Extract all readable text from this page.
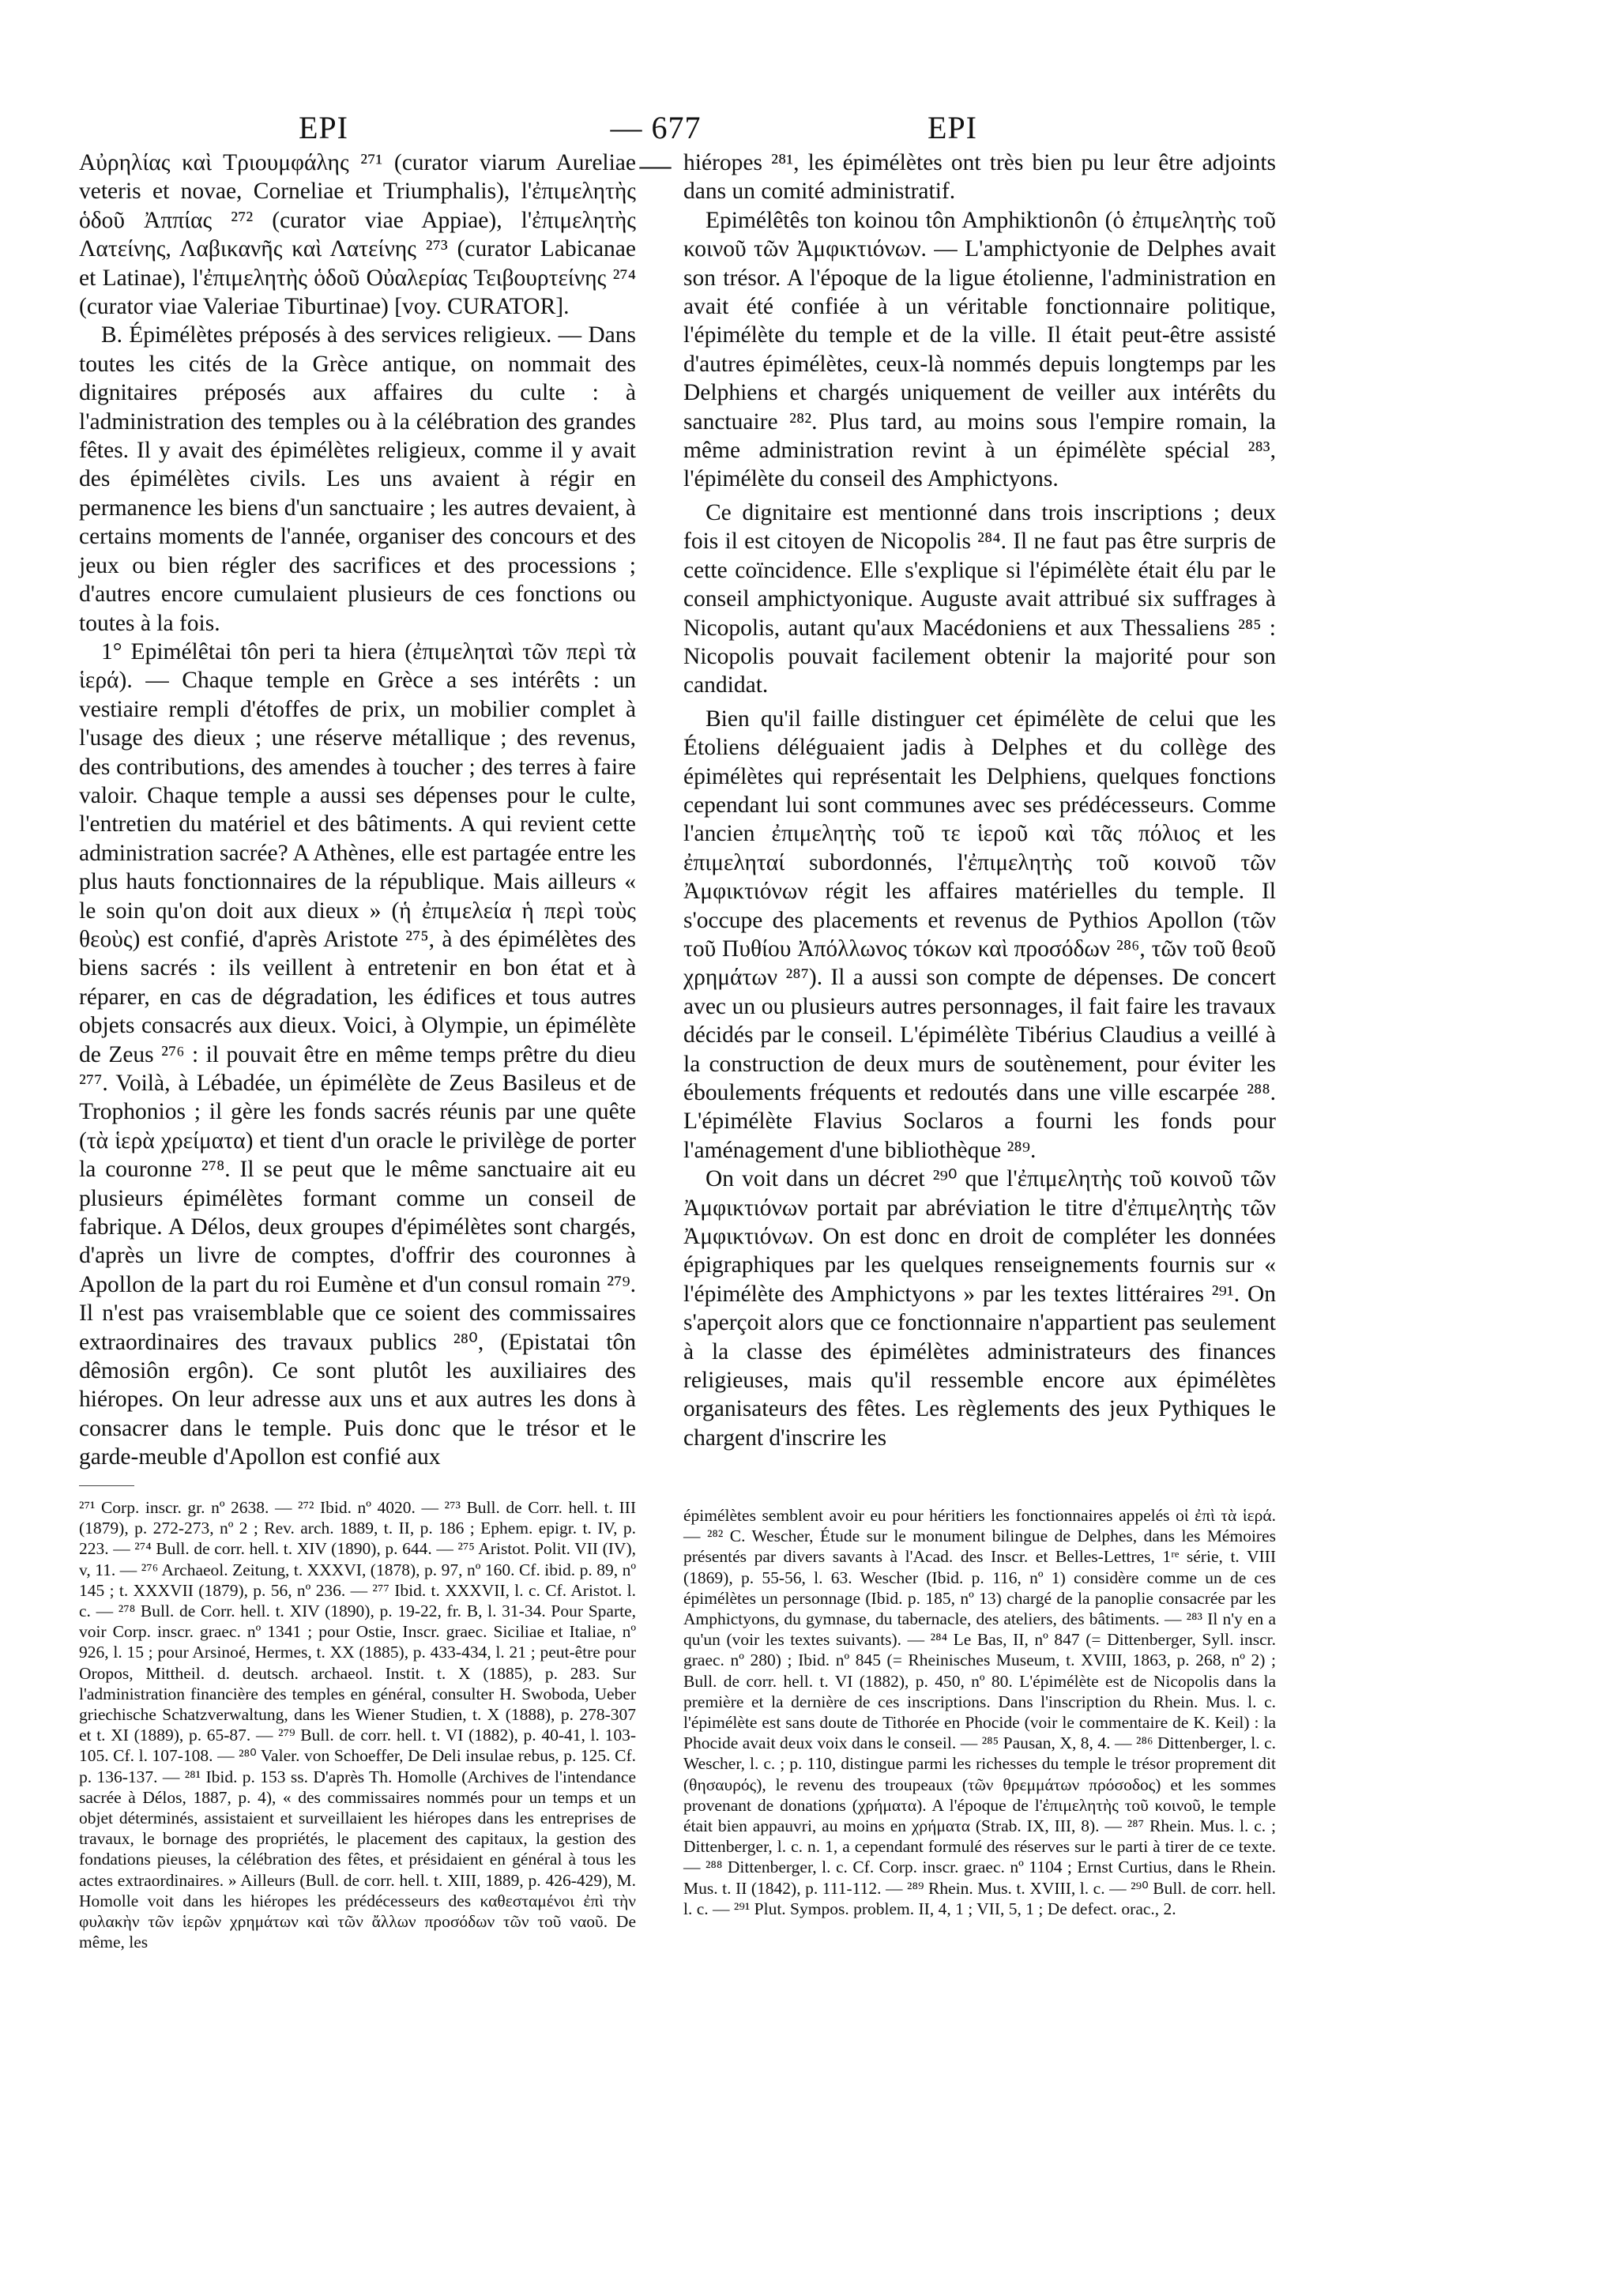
EPI	— 677 —
EPI

Αὐρηλίας καὶ Τριουμφάλης ²⁷¹ (curator viarum Aureliae veteris et novae, Corneliae et Triumphalis), l'ἐπιμελητὴς ὁδοῦ Ἀππίας ²⁷² (curator viae Appiae), l'ἐπιμελητὴς Λατείνης, Λαβικανῆς καὶ Λατείνης ²⁷³ (curator Labicanae et Latinae), l'ἐπιμελητὴς ὁδοῦ Οὐαλερίας Τειβουρτείνης ²⁷⁴ (curator viae Valeriae Tiburtinae) [voy. CURATOR].

B. Épimélètes préposés à des services religieux. — Dans toutes les cités de la Grèce antique, on nommait des dignitaires préposés aux affaires du culte : à l'administration des temples ou à la célébration des grandes fêtes. Il y avait des épimélètes religieux, comme il y avait des épimélètes civils. Les uns avaient à régir en permanence les biens d'un sanctuaire ; les autres devaient, à certains moments de l'année, organiser des concours et des jeux ou bien régler des sacrifices et des processions ; d'autres encore cumulaient plusieurs de ces fonctions ou toutes à la fois.

1° Epimélêtai tôn peri ta hiera (ἐπιμεληταὶ τῶν περὶ τὰ ἱερά). — Chaque temple en Grèce a ses intérêts : un vestiaire rempli d'étoffes de prix, un mobilier complet à l'usage des dieux ; une réserve métallique ; des revenus, des contributions, des amendes à toucher ; des terres à faire valoir. Chaque temple a aussi ses dépenses pour le culte, l'entretien du matériel et des bâtiments. A qui revient cette administration sacrée? A Athènes, elle est partagée entre les plus hauts fonctionnaires de la république. Mais ailleurs « le soin qu'on doit aux dieux » (ἡ ἐπιμελεία ἡ περὶ τοὺς θεοὺς) est confié, d'après Aristote ²⁷⁵, à des épimélètes des biens sacrés : ils veillent à entretenir en bon état et à réparer, en cas de dégradation, les édifices et tous autres objets consacrés aux dieux. Voici, à Olympie, un épimélète de Zeus ²⁷⁶ : il pouvait être en même temps prêtre du dieu ²⁷⁷. Voilà, à Lébadée, un épimélète de Zeus Basileus et de Trophonios ; il gère les fonds sacrés réunis par une quête (τὰ ἱερὰ χρείματα) et tient d'un oracle le privilège de porter la couronne ²⁷⁸. Il se peut que le même sanctuaire ait eu plusieurs épimélètes formant comme un conseil de fabrique. A Délos, deux groupes d'épimélètes sont chargés, d'après un livre de comptes, d'offrir des couronnes à Apollon de la part du roi Eumène et d'un consul romain ²⁷⁹. Il n'est pas vraisemblable que ce soient des commissaires extraordinaires des travaux publics ²⁸⁰, (Epistatai tôn dêmosiôn ergôn). Ce sont plutôt les auxiliaires des hiéropes. On leur adresse aux uns et aux autres les dons à consacrer dans le temple. Puis donc que le trésor et le garde-meuble d'Apollon est confié aux

hiéropes ²⁸¹, les épimélètes ont très bien pu leur être adjoints dans un comité administratif.

Epimélêtês ton koinou tôn Amphiktionôn (ὁ ἐπιμελητὴς τοῦ κοινοῦ τῶν Ἀμφικτιόνων. — L'amphictyonie de Delphes avait son trésor. A l'époque de la ligue étolienne, l'administration en avait été confiée à un véritable fonctionnaire politique, l'épimélète du temple et de la ville. Il était peut-être assisté d'autres épimélètes, ceux-là nommés depuis longtemps par les Delphiens et chargés uniquement de veiller aux intérêts du sanctuaire ²⁸². Plus tard, au moins sous l'empire romain, la même administration revint à un épimélète spécial ²⁸³, l'épimélète du conseil des Amphictyons.

Ce dignitaire est mentionné dans trois inscriptions ; deux fois il est citoyen de Nicopolis ²⁸⁴. Il ne faut pas être surpris de cette coïncidence. Elle s'explique si l'épimélète était élu par le conseil amphictyonique. Auguste avait attribué six suffrages à Nicopolis, autant qu'aux Macédoniens et aux Thessaliens ²⁸⁵ : Nicopolis pouvait facilement obtenir la majorité pour son candidat.

Bien qu'il faille distinguer cet épimélète de celui que les Étoliens déléguaient jadis à Delphes et du collège des épimélètes qui représentait les Delphiens, quelques fonctions cependant lui sont communes avec ses prédécesseurs. Comme l'ancien ἐπιμελητὴς τοῦ τε ἱεροῦ καὶ τᾶς πόλιος et les ἐπιμεληταί subordonnés, l'ἐπιμελητὴς τοῦ κοινοῦ τῶν Ἀμφικτιόνων régit les affaires matérielles du temple. Il s'occupe des placements et revenus de Pythios Apollon (τῶν τοῦ Πυθίου Ἀπόλλωνος τόκων καὶ προσόδων ²⁸⁶, τῶν τοῦ θεοῦ χρημάτων ²⁸⁷). Il a aussi son compte de dépenses. De concert avec un ou plusieurs autres personnages, il fait faire les travaux décidés par le conseil. L'épimélète Tibérius Claudius a veillé à la construction de deux murs de soutènement, pour éviter les éboulements fréquents et redoutés dans une ville escarpée ²⁸⁸. L'épimélète Flavius Soclaros a fourni les fonds pour l'aménagement d'une bibliothèque ²⁸⁹.

On voit dans un décret ²⁹⁰ que l'ἐπιμελητὴς τοῦ κοινοῦ τῶν Ἀμφικτιόνων portait par abréviation le titre d'ἐπιμελητὴς τῶν Ἀμφικτιόνων. On est donc en droit de compléter les données épigraphiques par les quelques renseignements fournis sur « l'épimélète des Amphictyons » par les textes littéraires ²⁹¹. On s'aperçoit alors que ce fonctionnaire n'appartient pas seulement à la classe des épimélètes administrateurs des finances religieuses, mais qu'il ressemble encore aux épimélètes organisateurs des fêtes. Les règlements des jeux Pythiques le chargent d'inscrire les

²⁷¹ Corp. inscr. gr. nº 2638. — ²⁷² Ibid. nº 4020. — ²⁷³ Bull. de Corr. hell. t. III (1879), p. 272-273, nº 2 ; Rev. arch. 1889, t. II, p. 186 ; Ephem. epigr. t. IV, p. 223. — ²⁷⁴ Bull. de corr. hell. t. XIV (1890), p. 644. — ²⁷⁵ Aristot. Polit. VII (IV), v, 11. — ²⁷⁶ Archaeol. Zeitung, t. XXXVI, (1878), p. 97, nº 160. Cf. ibid. p. 89, nº 145 ; t. XXXVII (1879), p. 56, nº 236. — ²⁷⁷ Ibid. t. XXXVII, l. c. Cf. Aristot. l. c. — ²⁷⁸ Bull. de Corr. hell. t. XIV (1890), p. 19-22, fr. B, l. 31-34. Pour Sparte, voir Corp. inscr. graec. nº 1341 ; pour Ostie, Inscr. graec. Siciliae et Italiae, nº 926, l. 15 ; pour Arsinoé, Hermes, t. XX (1885), p. 433-434, l. 21 ; peut-être pour Oropos, Mittheil. d. deutsch. archaeol. Instit. t. X (1885), p. 283. Sur l'administration financière des temples en général, consulter H. Swoboda, Ueber griechische Schatzverwaltung, dans les Wiener Studien, t. X (1888), p. 278-307 et t. XI (1889), p. 65-87. — ²⁷⁹ Bull. de corr. hell. t. VI (1882), p. 40-41, l. 103-105. Cf. l. 107-108. — ²⁸⁰ Valer. von Schoeffer, De Deli insulae rebus, p. 125. Cf. p. 136-137. — ²⁸¹ Ibid. p. 153 ss. D'après Th. Homolle (Archives de l'intendance sacrée à Délos, 1887, p. 4), « des commissaires nommés pour un temps et un objet déterminés, assistaient et surveillaient les hiéropes dans les entreprises de travaux, le bornage des propriétés, le placement des capitaux, la gestion des fondations pieuses, la célébration des fêtes, et présidaient en général à tous les actes extraordinaires. » Ailleurs (Bull. de corr. hell. t. XIII, 1889, p. 426-429), M. Homolle voit dans les hiéropes les prédécesseurs des καθεσταμένοι ἐπὶ τὴν φυλακὴν τῶν ἱερῶν χρημάτων καὶ τῶν ἄλλων προσόδων τῶν τοῦ ναοῦ. De même, les

épimélètes semblent avoir eu pour héritiers les fonctionnaires appelés οἱ ἐπὶ τὰ ἱερά. — ²⁸² C. Wescher, Étude sur le monument bilingue de Delphes, dans les Mémoires présentés par divers savants à l'Acad. des Inscr. et Belles-Lettres, 1ʳᵉ série, t. VIII (1869), p. 55-56, l. 63. Wescher (Ibid. p. 116, nº 1) considère comme un de ces épimélètes un personnage (Ibid. p. 185, nº 13) chargé de la panoplie consacrée par les Amphictyons, du gymnase, du tabernacle, des ateliers, des bâtiments. — ²⁸³ Il n'y en a qu'un (voir les textes suivants). — ²⁸⁴ Le Bas, II, nº 847 (= Dittenberger, Syll. inscr. graec. nº 280) ; Ibid. nº 845 (= Rheinisches Museum, t. XVIII, 1863, p. 268, nº 2) ; Bull. de corr. hell. t. VI (1882), p. 450, nº 80. L'épimélète est de Nicopolis dans la première et la dernière de ces inscriptions. Dans l'inscription du Rhein. Mus. l. c. l'épimélète est sans doute de Tithorée en Phocide (voir le commentaire de K. Keil) : la Phocide avait deux voix dans le conseil. — ²⁸⁵ Pausan, X, 8, 4. — ²⁸⁶ Dittenberger, l. c. Wescher, l. c. ; p. 110, distingue parmi les richesses du temple le trésor proprement dit (θησαυρός), le revenu des troupeaux (τῶν θρεμμάτων πρόσοδος) et les sommes provenant de donations (χρήματα). A l'époque de l'ἐπιμελητὴς τοῦ κοινοῦ, le temple était bien appauvri, au moins en χρήματα (Strab. IX, III, 8). — ²⁸⁷ Rhein. Mus. l. c. ; Dittenberger, l. c. n. 1, a cependant formulé des réserves sur le parti à tirer de ce texte. — ²⁸⁸ Dittenberger, l. c. Cf. Corp. inscr. graec. nº 1104 ; Ernst Curtius, dans le Rhein. Mus. t. II (1842), p. 111-112. — ²⁸⁹ Rhein. Mus. t. XVIII, l. c. — ²⁹⁰ Bull. de corr. hell. l. c. — ²⁹¹ Plut. Sympos. problem. II, 4, 1 ; VII, 5, 1 ; De defect. orac., 2.
